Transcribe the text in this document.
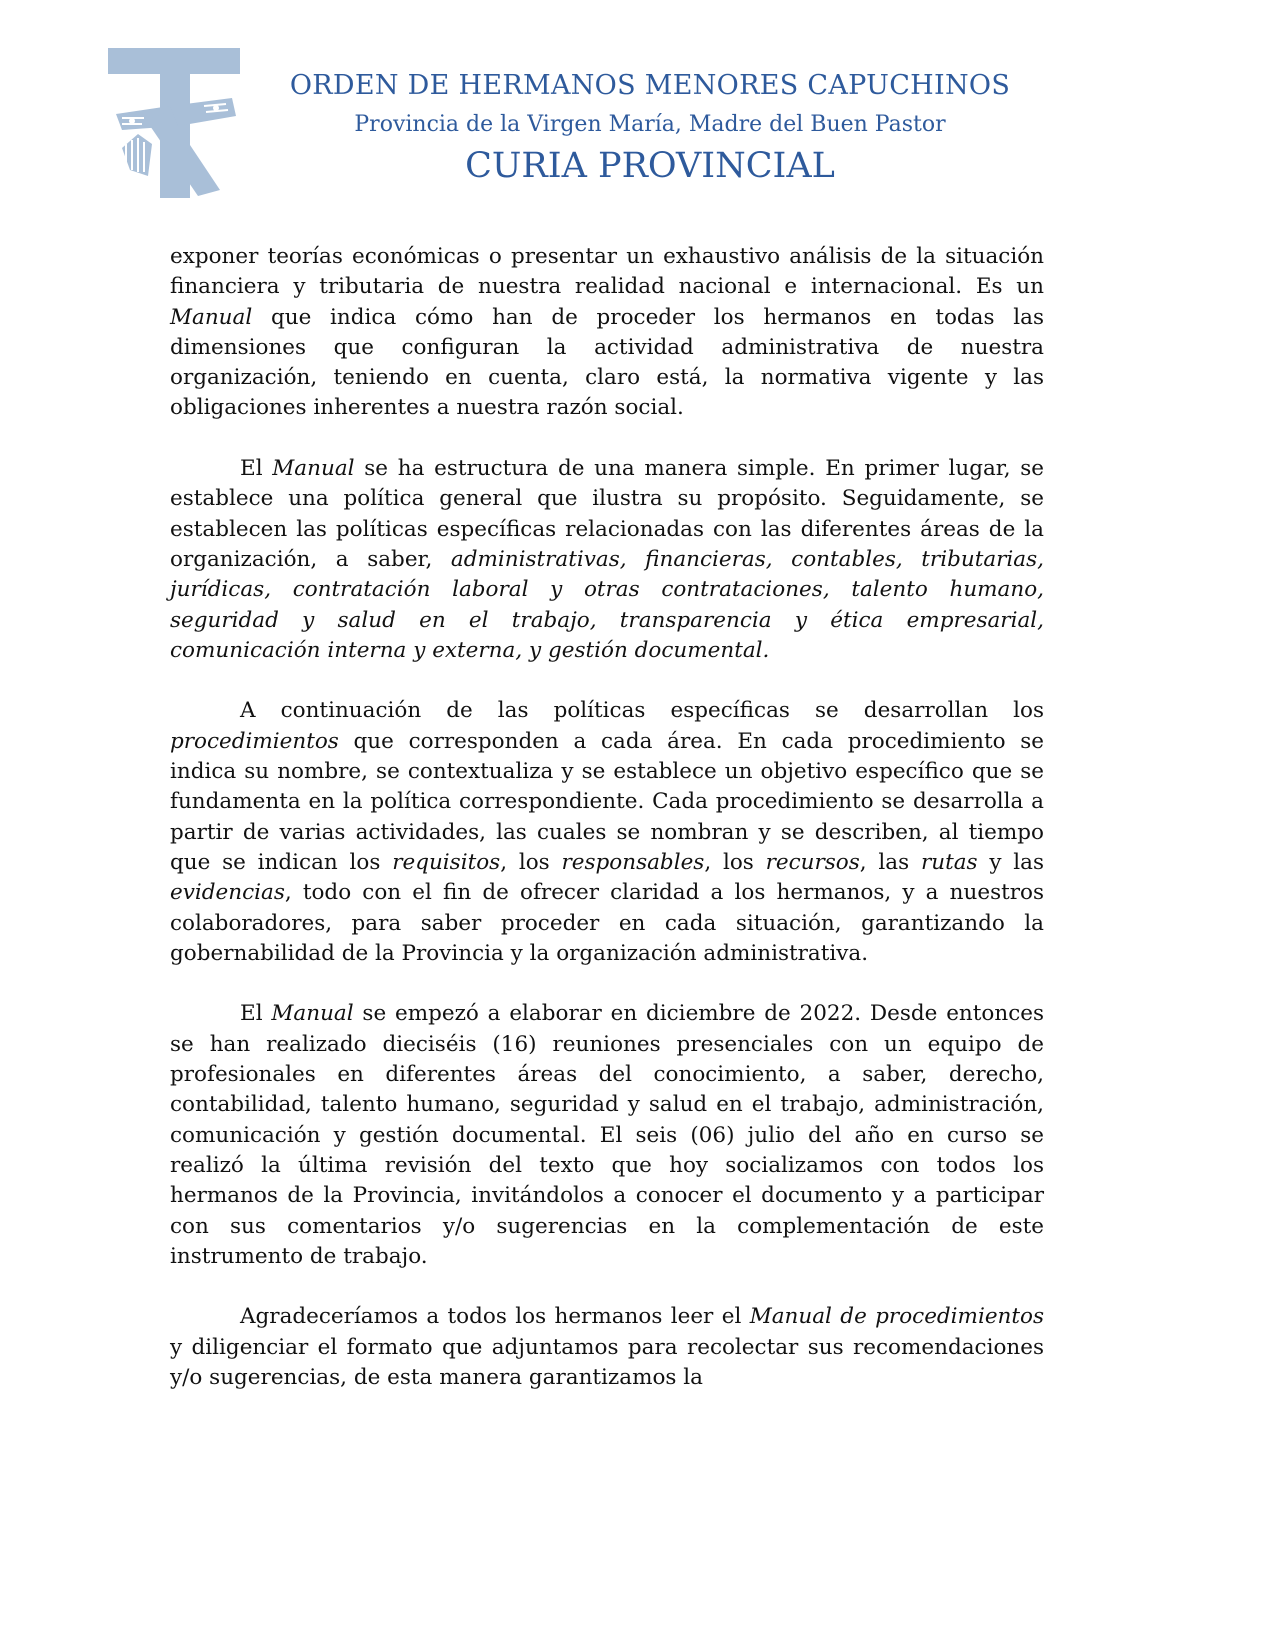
ORDEN DE HERMANOS MENORES CAPUCHINOS

Provincia de la Virgen María, Madre del Buen Pastor

CURIA PROVINCIAL

exponer teorías económicas o presentar un exhaustivo análisis de la situación financiera y tributaria de nuestra realidad nacional e internacional. Es un Manual que indica cómo han de proceder los hermanos en todas las dimensiones que configuran la actividad administrativa de nuestra organización, teniendo en cuenta, claro está, la normativa vigente y las obligaciones inherentes a nuestra razón social.

El Manual se ha estructura de una manera simple. En primer lugar, se establece una política general que ilustra su propósito. Seguidamente, se establecen las políticas específicas relacionadas con las diferentes áreas de la organización, a saber, administrativas, financieras, contables, tributarias, jurídicas, contratación laboral y otras contrataciones, talento humano, seguridad y salud en el trabajo, transparencia y ética empresarial, comunicación interna y externa, y gestión documental.

A continuación de las políticas específicas se desarrollan los procedimientos que corresponden a cada área. En cada procedimiento se indica su nombre, se contextualiza y se establece un objetivo específico que se fundamenta en la política correspondiente. Cada procedimiento se desarrolla a partir de varias actividades, las cuales se nombran y se describen, al tiempo que se indican los requisitos, los responsables, los recursos, las rutas y las evidencias, todo con el fin de ofrecer claridad a los hermanos, y a nuestros colaboradores, para saber proceder en cada situación, garantizando la gobernabilidad de la Provincia y la organización administrativa.

El Manual se empezó a elaborar en diciembre de 2022. Desde entonces se han realizado dieciséis (16) reuniones presenciales con un equipo de profesionales en diferentes áreas del conocimiento, a saber, derecho, contabilidad, talento humano, seguridad y salud en el trabajo, administración, comunicación y gestión documental. El seis (06) julio del año en curso se realizó la última revisión del texto que hoy socializamos con todos los hermanos de la Provincia, invitándolos a conocer el documento y a participar con sus comentarios y/o sugerencias en la complementación de este instrumento de trabajo.

Agradeceríamos a todos los hermanos leer el Manual de procedimientos y diligenciar el formato que adjuntamos para recolectar sus recomendaciones y/o sugerencias, de esta manera garantizamos la
